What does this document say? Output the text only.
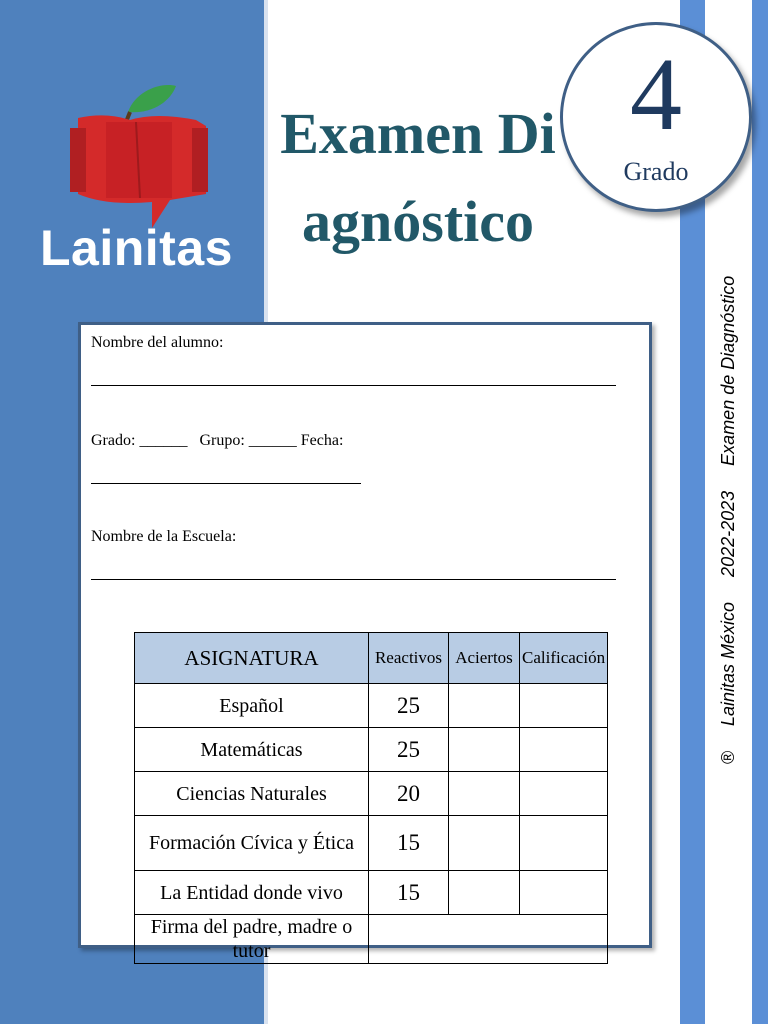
Lainitas
Examen Diagnóstico
® Lainitas México 2022-2023 Examen de Diagnóstico
4
Grado
Nombre del alumno:
Grado: ______ Grupo: ______ Fecha:
Nombre de la Escuela:
ASIGNATURA	Reactivos	Aciertos	Calificación
Español	25		
Matemáticas	25		
Ciencias Naturales	20		
Formación Cívica y Ética	15		
La Entidad donde vivo	15		
Firma del padre, madre o tutor			
